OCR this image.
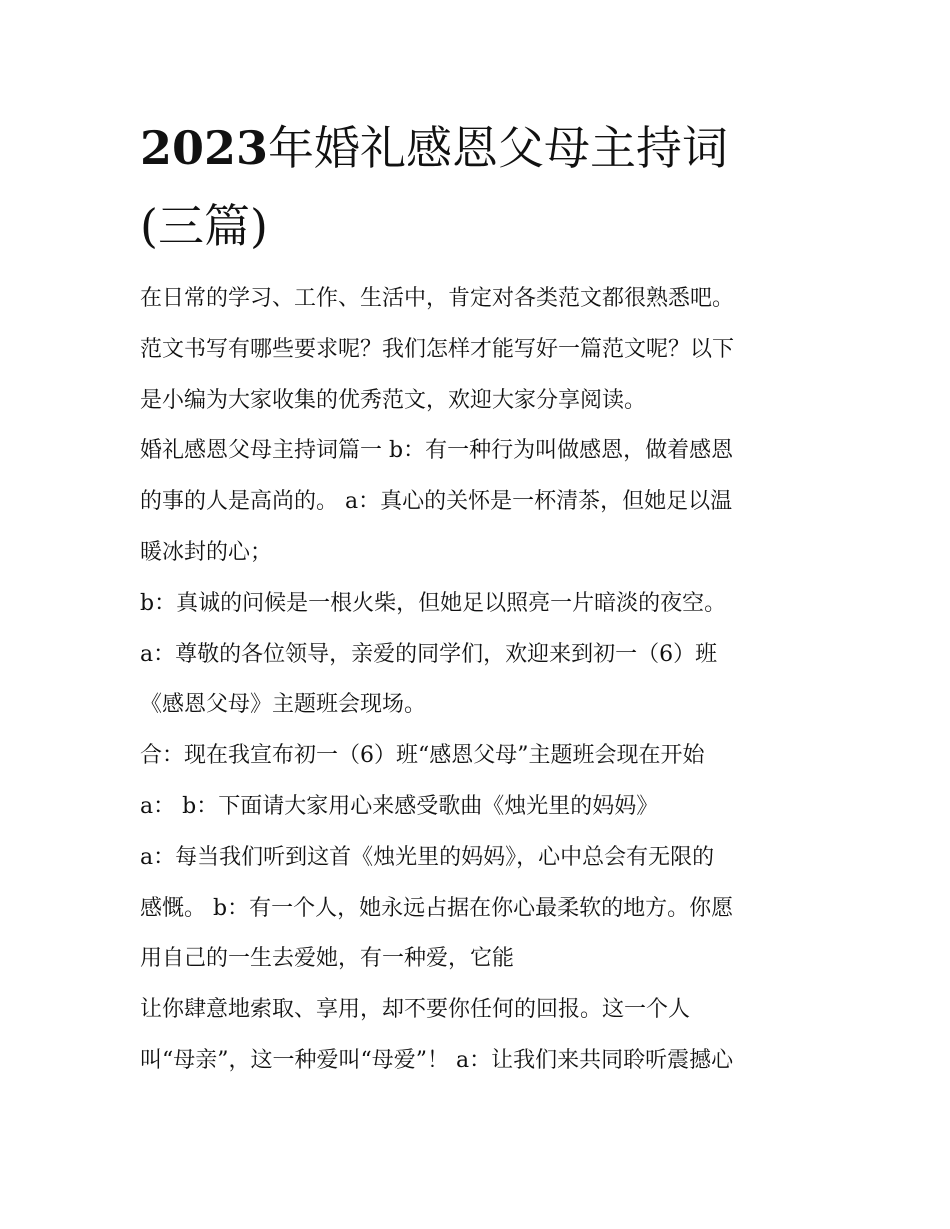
2023年婚礼感恩父母主持词
(三篇)

在日常的学习、工作、生活中，肯定对各类范文都很熟悉吧。

范文书写有哪些要求呢？我们怎样才能写好一篇范文呢？以下

是小编为大家收集的优秀范文，欢迎大家分享阅读。

婚礼感恩父母主持词篇一 b：有一种行为叫做感恩，做着感恩

的事的人是高尚的。 a：真心的关怀是一杯清茶，但她足以温

暖冰封的心；

b：真诚的问候是一根火柴，但她足以照亮一片暗淡的夜空。

a：尊敬的各位领导，亲爱的同学们，欢迎来到初一（6）班

《感恩父母》主题班会现场。

合：现在我宣布初一（6）班“感恩父母”主题班会现在开始

a： b：下面请大家用心来感受歌曲《烛光里的妈妈》

a：每当我们听到这首《烛光里的妈妈》，心中总会有无限的

感慨。 b：有一个人，她永远占据在你心最柔软的地方。你愿

用自己的一生去爱她，有一种爱，它能

让你肆意地索取、享用，却不要你任何的回报。这一个人

叫“母亲”，这一种爱叫“母爱”！ a：让我们来共同聆听震撼心
